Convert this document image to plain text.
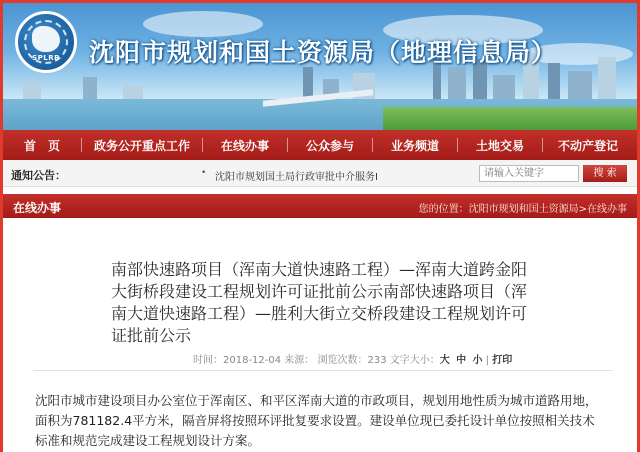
SPLRB	沈阳市规划和国土资源局（地理信息局）
首　页	政务公开重点工作	在线办事	公众参与	业务频道	土地交易	不动产登记
通知公告：	• 沈阳市规划国土局行政审批中介服务I
请输入关键字	搜 索
在线办事	您的位置：沈阳市规划和国土资源局>在线办事
南部快速路项目（浑南大道快速路工程）—浑南大道跨金阳大街桥段建设工程规划许可证批前公示南部快速路项目（浑南大道快速路工程）—胜利大街立交桥段建设工程规划许可证批前公示
时间：2018-12-04 来源： 浏览次数：233 文字大小：大 中 小 | 打印
沈阳市城市建设项目办公室位于浑南区、和平区浑南大道的市政项目，规划用地性质为城市道路用地，面积为781182.4平方米，隔音屏将按照环评批复要求设置。建设单位现已委托设计单位按照相关技术标准和规范完成建设工程规划设计方案。
